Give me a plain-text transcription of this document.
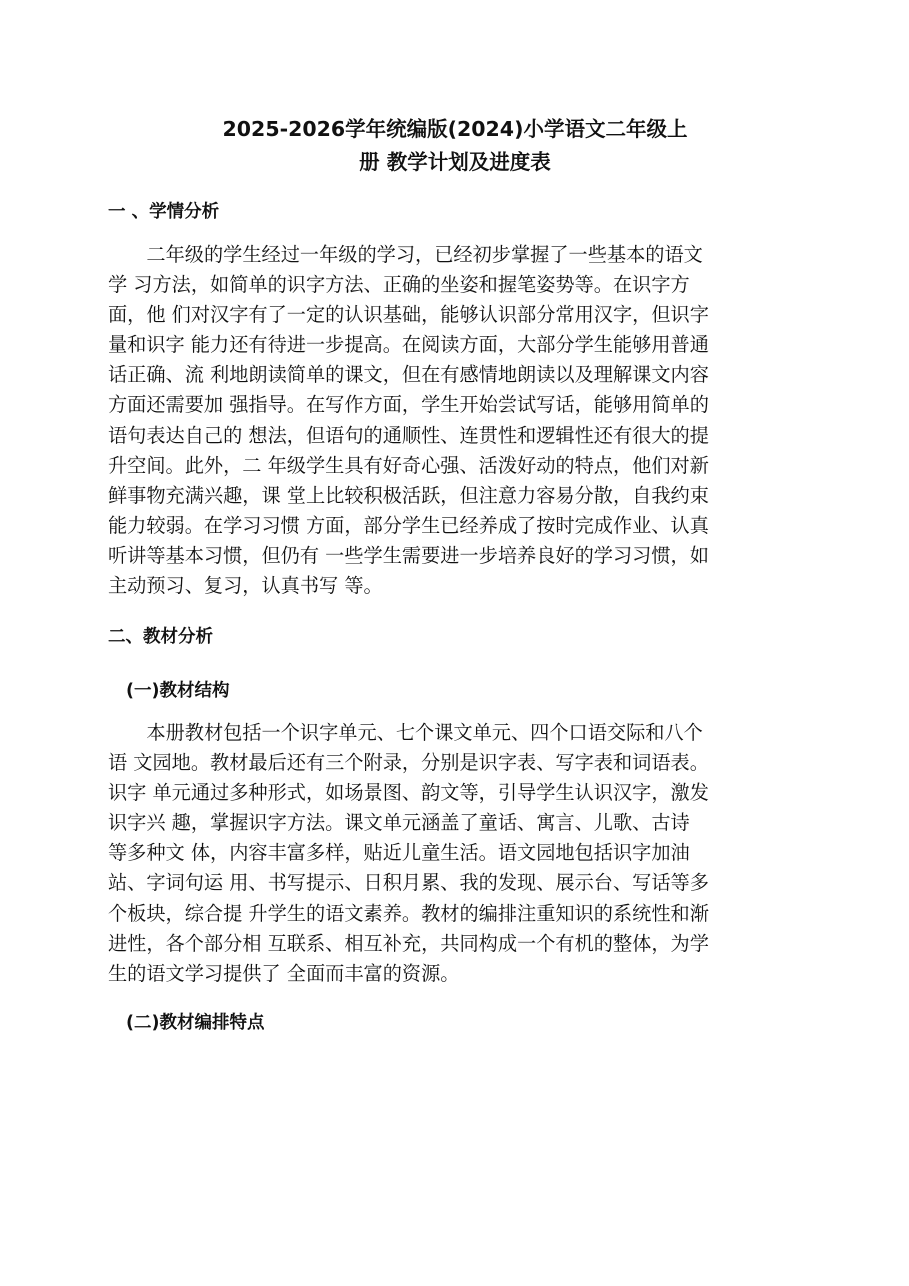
2025-2026学年统编版(2024)小学语文二年级上
册 教学计划及进度表
一 、学情分析
二年级的学生经过一年级的学习，已经初步掌握了一些基本的语文
学 习方法，如简单的识字方法、正确的坐姿和握笔姿势等。在识字方
面，他 们对汉字有了一定的认识基础，能够认识部分常用汉字，但识字
量和识字 能力还有待进一步提高。在阅读方面，大部分学生能够用普通
话正确、流 利地朗读简单的课文，但在有感情地朗读以及理解课文内容
方面还需要加 强指导。在写作方面，学生开始尝试写话，能够用简单的
语句表达自己的 想法，但语句的通顺性、连贯性和逻辑性还有很大的提
升空间。此外，二 年级学生具有好奇心强、活泼好动的特点，他们对新
鲜事物充满兴趣，课 堂上比较积极活跃，但注意力容易分散，自我约束
能力较弱。在学习习惯 方面，部分学生已经养成了按时完成作业、认真
听讲等基本习惯，但仍有 一些学生需要进一步培养良好的学习习惯，如
主动预习、复习，认真书写 等。
二、教材分析
(一)教材结构
本册教材包括一个识字单元、七个课文单元、四个口语交际和八个
语 文园地。教材最后还有三个附录，分别是识字表、写字表和词语表。
识字 单元通过多种形式，如场景图、韵文等，引导学生认识汉字，激发
识字兴 趣，掌握识字方法。课文单元涵盖了童话、寓言、儿歌、古诗
等多种文 体，内容丰富多样，贴近儿童生活。语文园地包括识字加油
站、字词句运 用、书写提示、日积月累、我的发现、展示台、写话等多
个板块，综合提 升学生的语文素养。教材的编排注重知识的系统性和渐
进性，各个部分相 互联系、相互补充，共同构成一个有机的整体，为学
生的语文学习提供了 全面而丰富的资源。
(二)教材编排特点
